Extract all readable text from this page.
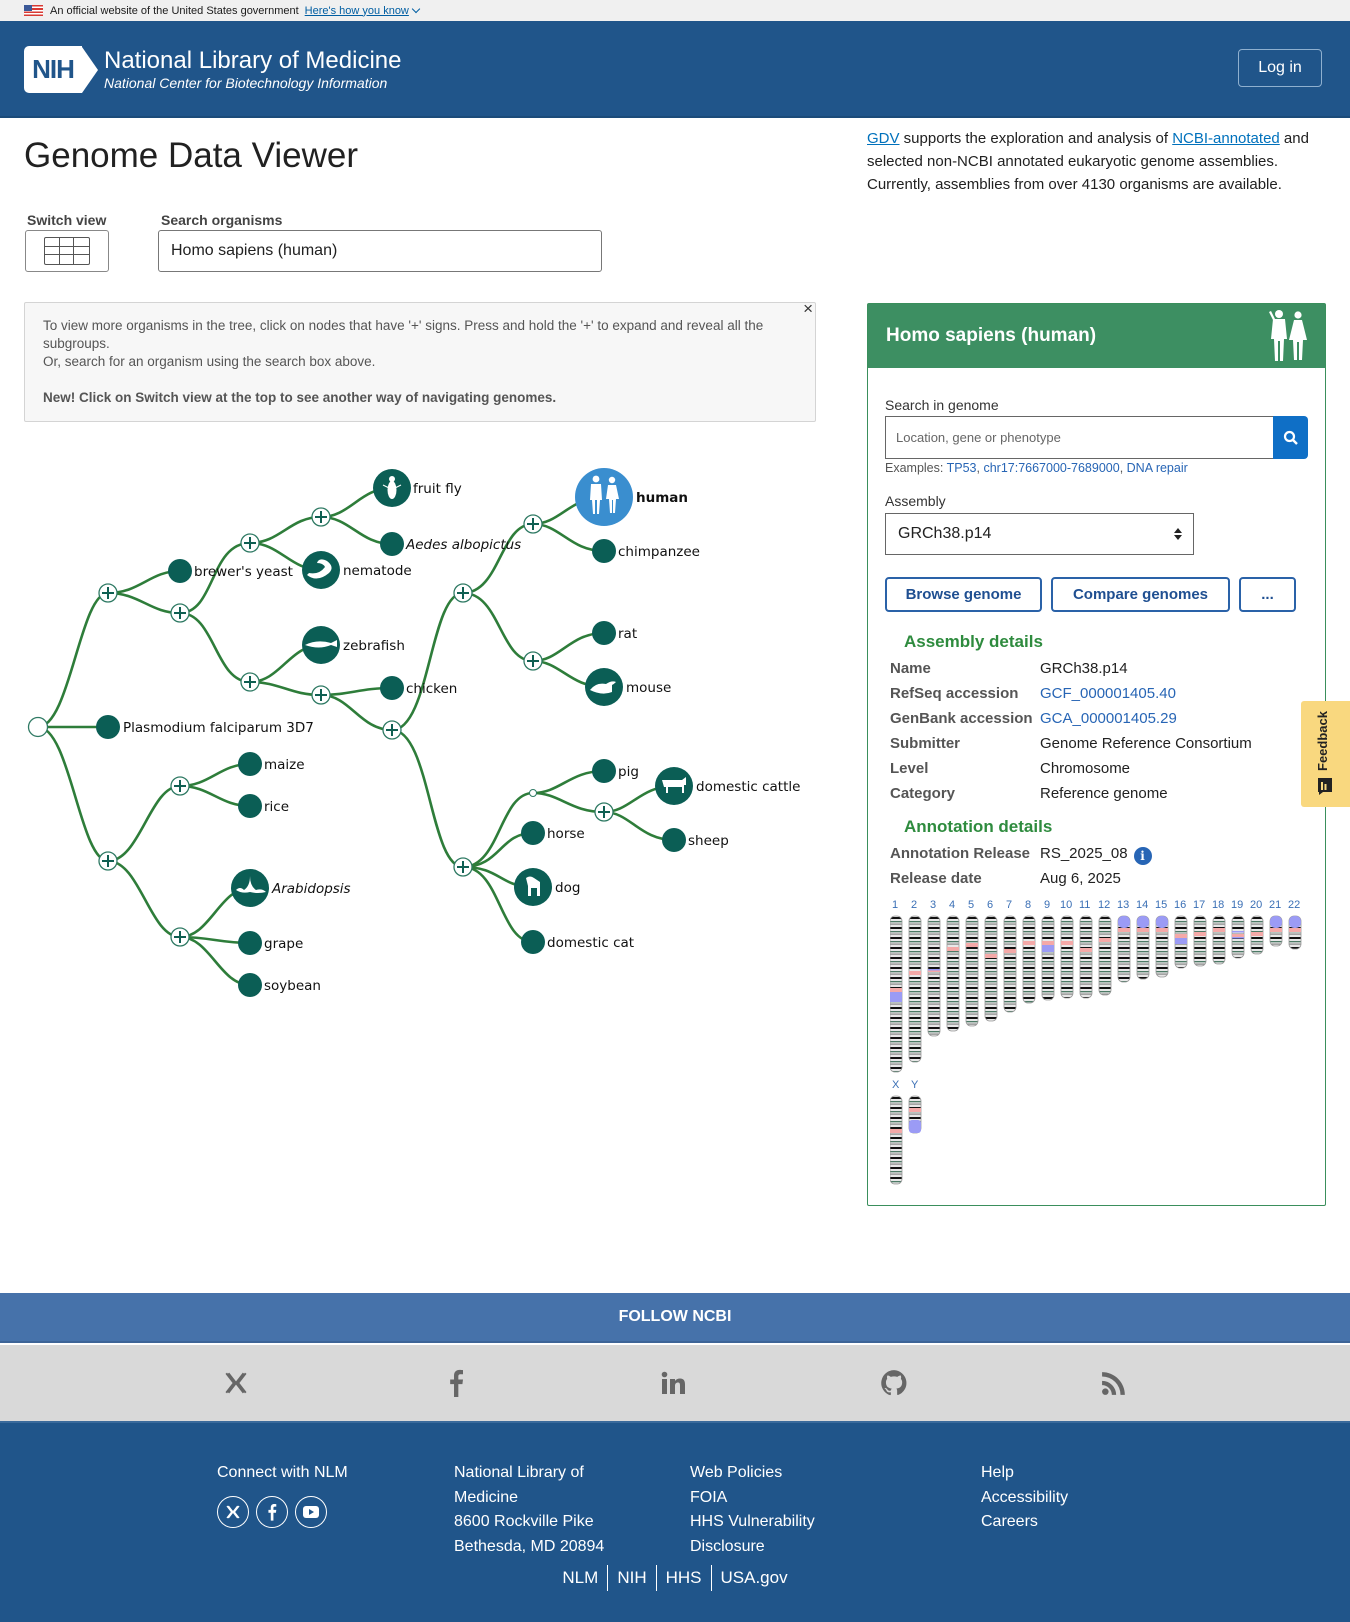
An official website of the United States government Here's how you know
NIH	National Library of Medicine
National Center for Biotechnology Information
Log in
Genome Data Viewer	GDV supports the exploration and analysis of NCBI-annotated and selected non-NCBI annotated eukaryotic genome assemblies. Currently, assemblies from over 4130 organisms are available.
Switch view	Search organisms
Homo sapiens (human)
To view more organisms in the tree, click on nodes that have '+' signs. Press and hold the '+' to expand and reveal all the subgroups.
Or, search for an organism using the search box above.
New! Click on Switch view at the top to see another way of navigating genomes.
×
fruit fly
Aedes albopictus
brewer's yeast	nematode
zebrafish
chicken
Plasmodium falciparum 3D7
maize
rice
Arabidopsis
grape
soybean
human
chimpanzee
rat
mouse
pig
domestic cattle
sheep
horse
dog
domestic cat
Homo sapiens (human)
Search in genome
Location, gene or phenotype
Examples: TP53, chr17:7667000-7689000, DNA repair
Assembly
GRCh38.p14
Browse genome	Compare genomes	...
Assembly details
Name	GRCh38.p14
RefSeq accession	GCF_000001405.40
GenBank accession GCA_000001405.29
Submitter	Genome Reference Consortium
Level	Chromosome
Category	Reference genome
Annotation details
Annotation Release RS_2025_08 i
Release date	Aug 6, 2025
1 2 3 4 5 6 7 8 9 10 11 12 13 14 15 16 17 18 19 20 21 22
X Y
Feedback
FOLLOW NCBI
Connect with NLM	National Library of
Medicine
8600 Rockville Pike
Bethesda, MD 20894
Web Policies
FOIA
HHS Vulnerability
Disclosure
Help
Accessibility
Careers
NLM	NIH	HHS	USA.gov
